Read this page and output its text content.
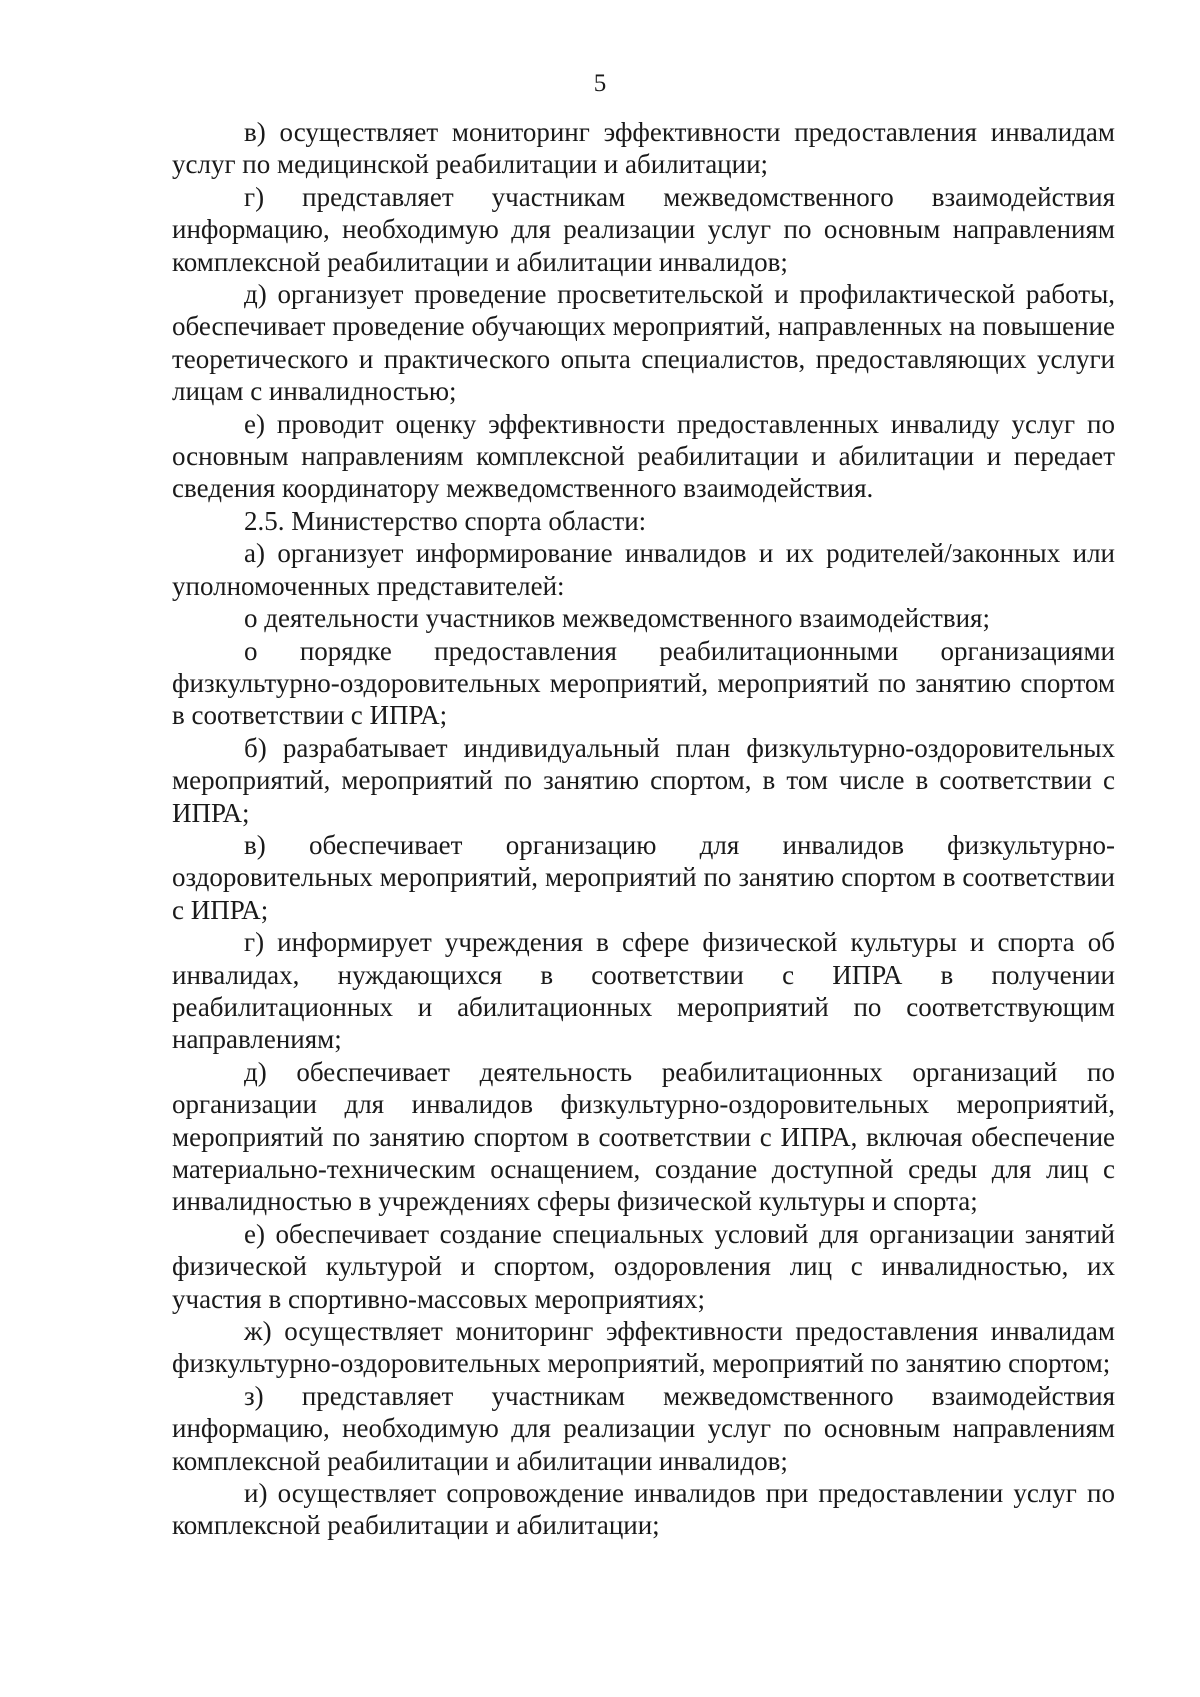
5

в) осуществляет мониторинг эффективности предоставления инвалидам услуг по медицинской реабилитации и абилитации;

г) представляет участникам межведомственного взаимодействия информацию, необходимую для реализации услуг по основным направлениям комплексной реабилитации и абилитации инвалидов;

д) организует проведение просветительской и профилактической работы, обеспечивает проведение обучающих мероприятий, направленных на повышение теоретического и практического опыта специалистов, предоставляющих услуги лицам с инвалидностью;

е) проводит оценку эффективности предоставленных инвалиду услуг по основным направлениям комплексной реабилитации и абилитации и передает сведения координатору межведомственного взаимодействия.

2.5. Министерство спорта области:

а) организует информирование инвалидов и их родителей/законных или уполномоченных представителей:

о деятельности участников межведомственного взаимодействия;

о порядке предоставления реабилитационными организациями физкультурно-оздоровительных мероприятий, мероприятий по занятию спортом в соответствии с ИПРА;

б) разрабатывает индивидуальный план физкультурно-оздоровительных мероприятий, мероприятий по занятию спортом, в том числе в соответствии с ИПРА;

в) обеспечивает организацию для инвалидов физкультурно-оздоровительных мероприятий, мероприятий по занятию спортом в соответствии с ИПРА;

г) информирует учреждения в сфере физической культуры и спорта об инвалидах, нуждающихся в соответствии с ИПРА в получении реабилитационных и абилитационных мероприятий по соответствующим направлениям;

д) обеспечивает деятельность реабилитационных организаций по организации для инвалидов физкультурно-оздоровительных мероприятий, мероприятий по занятию спортом в соответствии с ИПРА, включая обеспечение материально-техническим оснащением, создание доступной среды для лиц с инвалидностью в учреждениях сферы физической культуры и спорта;

е) обеспечивает создание специальных условий для организации занятий физической культурой и спортом, оздоровления лиц с инвалидностью, их участия в спортивно-массовых мероприятиях;

ж) осуществляет мониторинг эффективности предоставления инвалидам физкультурно-оздоровительных мероприятий, мероприятий по занятию спортом;

з) представляет участникам межведомственного взаимодействия информацию, необходимую для реализации услуг по основным направлениям комплексной реабилитации и абилитации инвалидов;

и) осуществляет сопровождение инвалидов при предоставлении услуг по комплексной реабилитации и абилитации;
